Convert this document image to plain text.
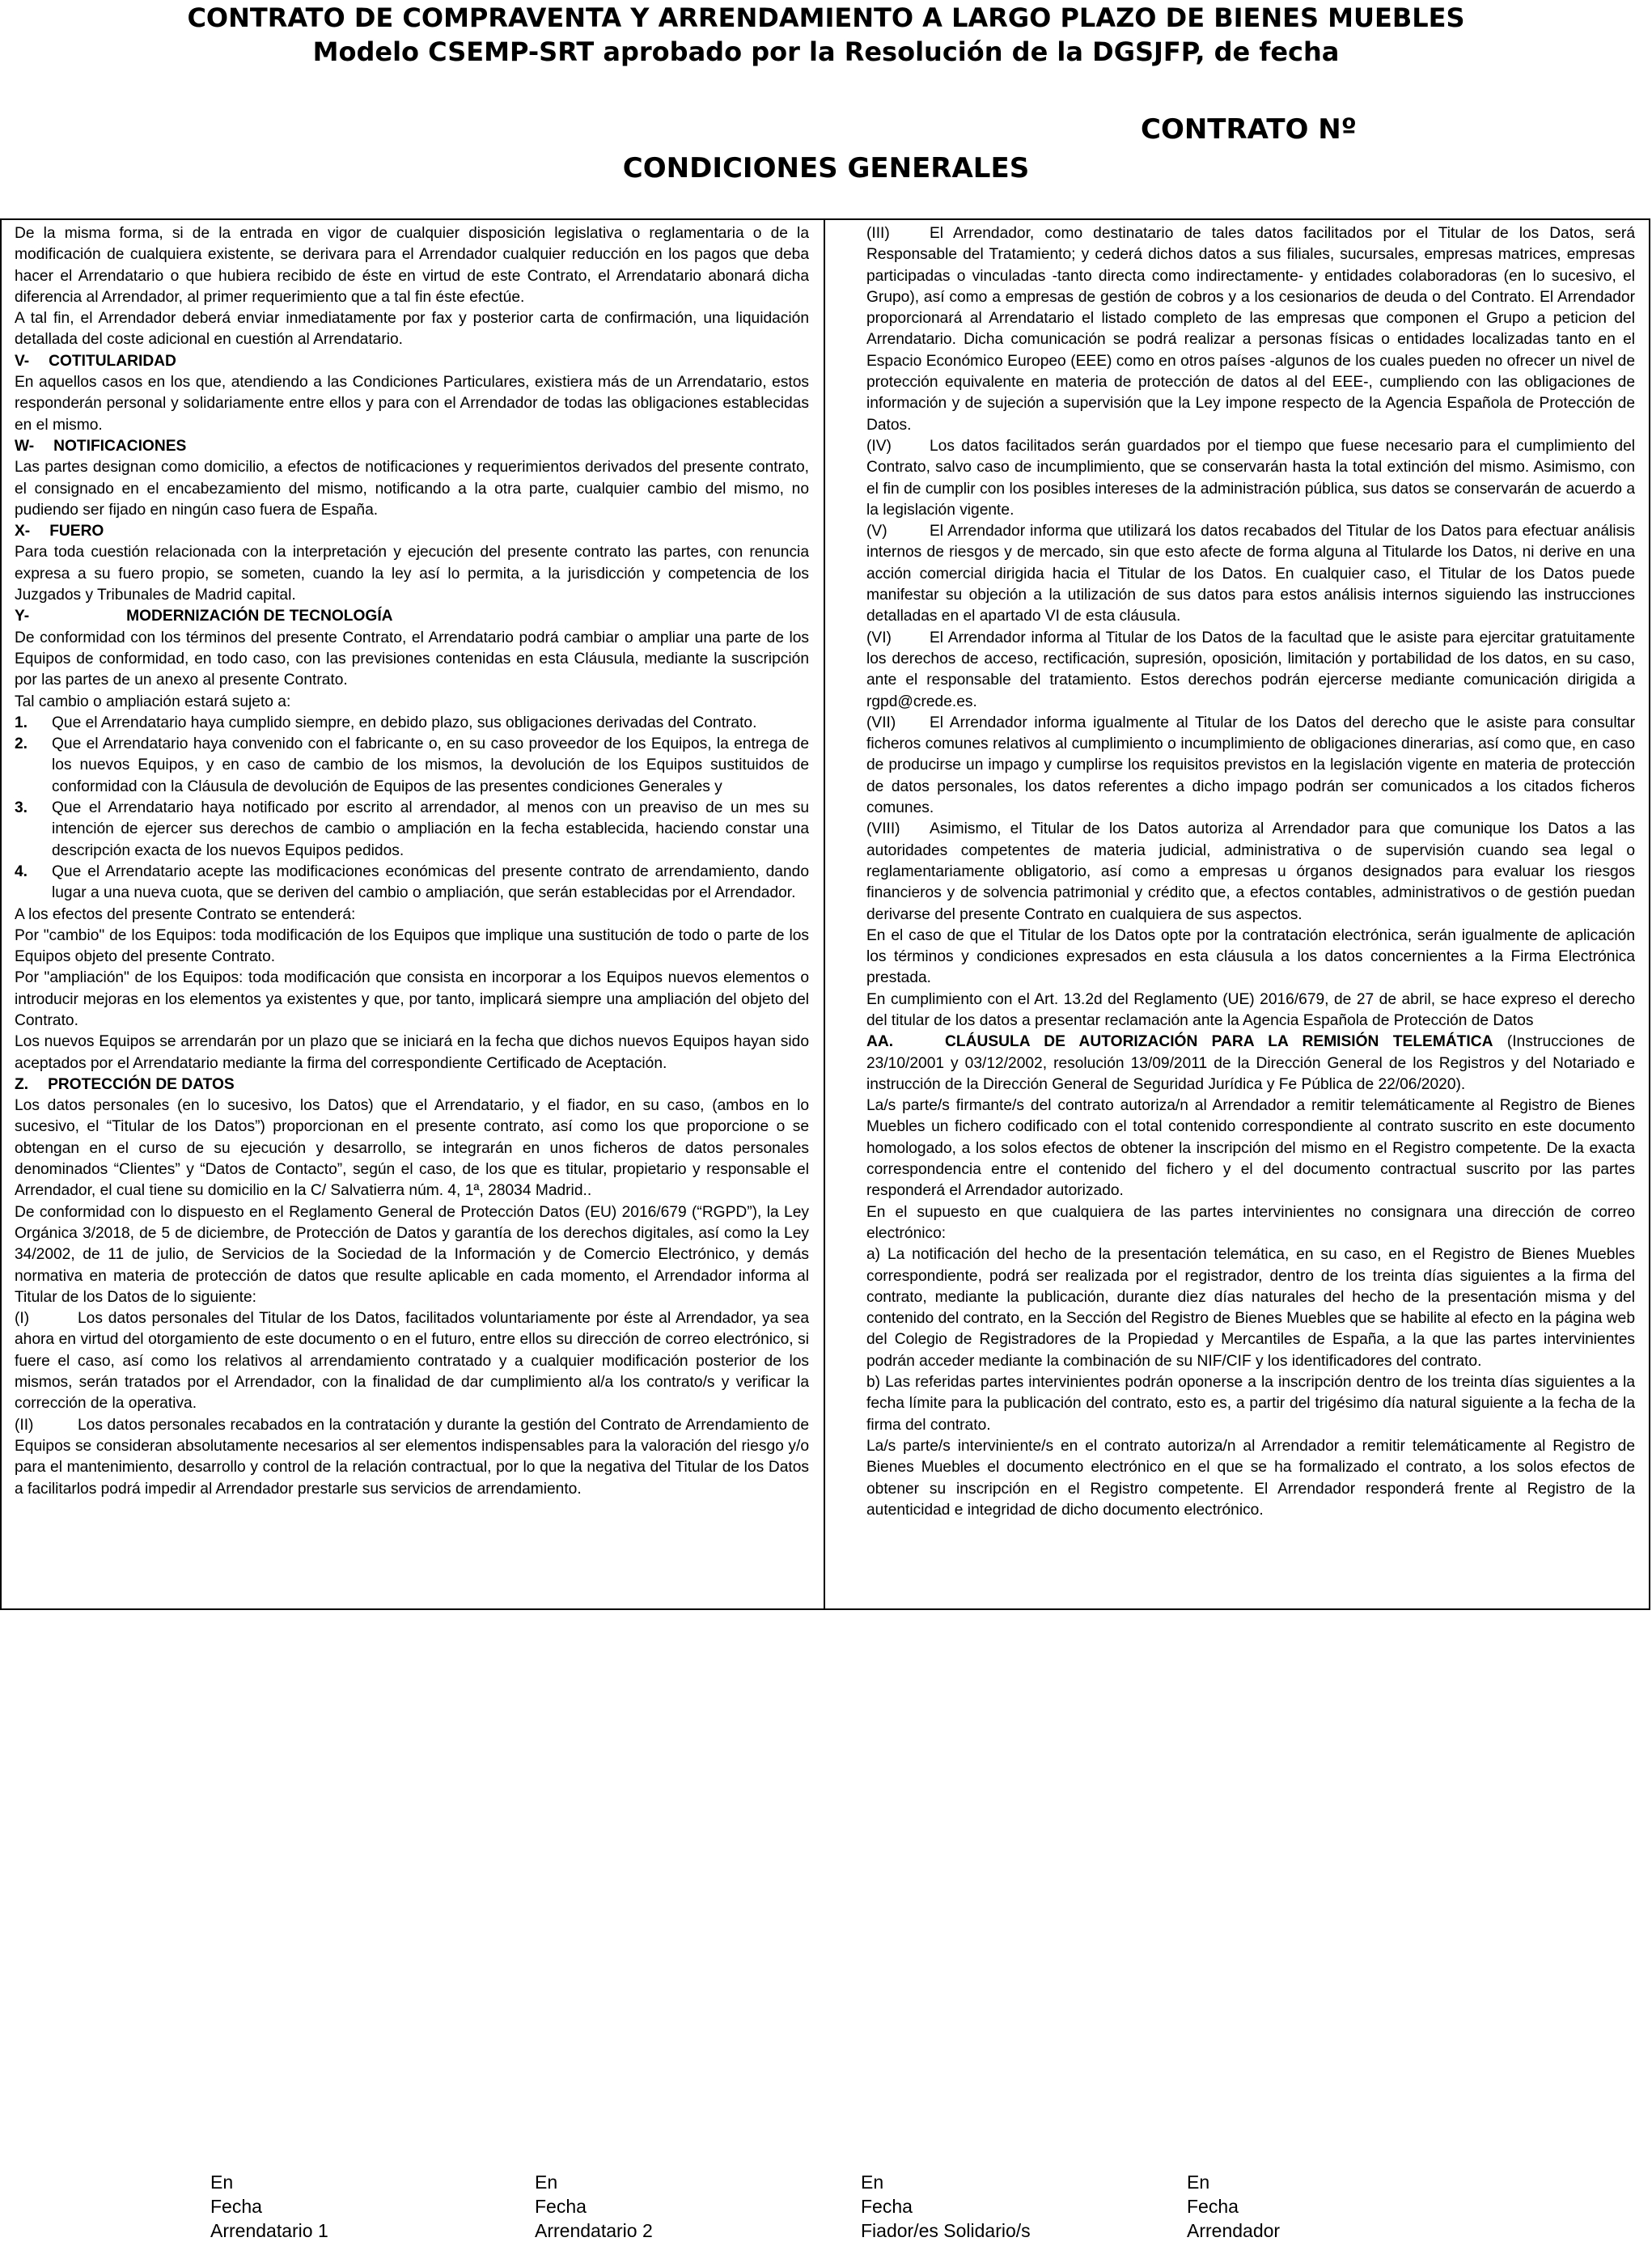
CONTRATO DE COMPRAVENTA Y ARRENDAMIENTO A LARGO PLAZO DE BIENES MUEBLES
Modelo CSEMP-SRT aprobado por la Resolución de la DGSJFP, de fecha
CONTRATO Nº
CONDICIONES GENERALES

De la misma forma, si de la entrada en vigor de cualquier disposición legislativa o reglamentaria o de la modificación de cualquiera existente, se derivara para el Arrendador cualquier reducción en los pagos que deba hacer el Arrendatario o que hubiera recibido de éste en virtud de este Contrato, el Arrendatario abonará dicha diferencia al Arrendador, al primer requerimiento que a tal fin éste efectúe.

A tal fin, el Arrendador deberá enviar inmediatamente por fax y posterior carta de confirmación, una liquidación detallada del coste adicional en cuestión al Arrendatario.

V- COTITULARIDAD

En aquellos casos en los que, atendiendo a las Condiciones Particulares, existiera más de un Arrendatario, estos responderán personal y solidariamente entre ellos y para con el Arrendador de todas las obligaciones establecidas en el mismo.

W- NOTIFICACIONES

Las partes designan como domicilio, a efectos de notificaciones y requerimientos derivados del presente contrato, el consignado en el encabezamiento del mismo, notificando a la otra parte, cualquier cambio del mismo, no pudiendo ser fijado en ningún caso fuera de España.

X- FUERO

Para toda cuestión relacionada con la interpretación y ejecución del presente contrato las partes, con renuncia expresa a su fuero propio, se someten, cuando la ley así lo permita, a la jurisdicción y competencia de los Juzgados y Tribunales de Madrid capital.

Y-	MODERNIZACIÓN DE TECNOLOGÍA

De conformidad con los términos del presente Contrato, el Arrendatario podrá cambiar o ampliar una parte de los Equipos de conformidad, en todo caso, con las previsiones contenidas en esta Cláusula, mediante la suscripción por las partes de un anexo al presente Contrato.

Tal cambio o ampliación estará sujeto a:

1.	Que el Arrendatario haya cumplido siempre, en debido plazo, sus obligaciones derivadas del Contrato.
2.	Que el Arrendatario haya convenido con el fabricante o, en su caso proveedor de los Equipos, la entrega de los nuevos Equipos, y en caso de cambio de los mismos, la devolución de los Equipos sustituidos de conformidad con la Cláusula de devolución de Equipos de las presentes condiciones Generales y
3.	Que el Arrendatario haya notificado por escrito al arrendador, al menos con un preaviso de un mes su intención de ejercer sus derechos de cambio o ampliación en la fecha establecida, haciendo constar una descripción exacta de los nuevos Equipos pedidos.
4.	Que el Arrendatario acepte las modificaciones económicas del presente contrato de arrendamiento, dando lugar a una nueva cuota, que se deriven del cambio o ampliación, que serán establecidas por el Arrendador.

A los efectos del presente Contrato se entenderá:

Por "cambio" de los Equipos: toda modificación de los Equipos que implique una sustitución de todo o parte de los Equipos objeto del presente Contrato.

Por "ampliación" de los Equipos: toda modificación que consista en incorporar a los Equipos nuevos elementos o introducir mejoras en los elementos ya existentes y que, por tanto, implicará siempre una ampliación del objeto del Contrato.

Los nuevos Equipos se arrendarán por un plazo que se iniciará en la fecha que dichos nuevos Equipos hayan sido aceptados por el Arrendatario mediante la firma del correspondiente Certificado de Aceptación.

Z. PROTECCIÓN DE DATOS

Los datos personales (en lo sucesivo, los Datos) que el Arrendatario, y el fiador, en su caso, (ambos en lo sucesivo, el “Titular de los Datos”) proporcionan en el presente contrato, así como los que proporcione o se obtengan en el curso de su ejecución y desarrollo, se integrarán en unos ficheros de datos personales denominados “Clientes” y “Datos de Contacto”, según el caso, de los que es titular, propietario y responsable el Arrendador, el cual tiene su domicilio en la C/ Salvatierra núm. 4, 1ª, 28034 Madrid..

De conformidad con lo dispuesto en el Reglamento General de Protección Datos (EU) 2016/679 (“RGPD”), la Ley Orgánica 3/2018, de 5 de diciembre, de Protección de Datos y garantía de los derechos digitales, así como la Ley 34/2002, de 11 de julio, de Servicios de la Sociedad de la Información y de Comercio Electrónico, y demás normativa en materia de protección de datos que resulte aplicable en cada momento, el Arrendador informa al Titular de los Datos de lo siguiente:

(I)	Los datos personales del Titular de los Datos, facilitados voluntariamente por éste al Arrendador, ya sea ahora en virtud del otorgamiento de este documento o en el futuro, entre ellos su dirección de correo electrónico, si fuere el caso, así como los relativos al arrendamiento contratado y a cualquier modificación posterior de los mismos, serán tratados por el Arrendador, con la finalidad de dar cumplimiento al/a los contrato/s y verificar la corrección de la operativa.

(II)	Los datos personales recabados en la contratación y durante la gestión del Contrato de Arrendamiento de Equipos se consideran absolutamente necesarios al ser elementos indispensables para la valoración del riesgo y/o para el mantenimiento, desarrollo y control de la relación contractual, por lo que la negativa del Titular de los Datos a facilitarlos podrá impedir al Arrendador prestarle sus servicios de arrendamiento.

(III)	El Arrendador, como destinatario de tales datos facilitados por el Titular de los Datos, será Responsable del Tratamiento; y cederá dichos datos a sus filiales, sucursales, empresas matrices, empresas participadas o vinculadas -tanto directa como indirectamente- y entidades colaboradoras (en lo sucesivo, el Grupo), así como a empresas de gestión de cobros y a los cesionarios de deuda o del Contrato. El Arrendador proporcionará al Arrendatario el listado completo de las empresas que componen el Grupo a peticion del Arrendatario. Dicha comunicación se podrá realizar a personas físicas o entidades localizadas tanto en el Espacio Económico Europeo (EEE) como en otros países -algunos de los cuales pueden no ofrecer un nivel de protección equivalente en materia de protección de datos al del EEE-, cumpliendo con las obligaciones de información y de sujeción a supervisión que la Ley impone respecto de la Agencia Española de Protección de Datos.

(IV) Los datos facilitados serán guardados por el tiempo que fuese necesario para el cumplimiento del Contrato, salvo caso de incumplimiento, que se conservarán hasta la total extinción del mismo. Asimismo, con el fin de cumplir con los posibles intereses de la administración pública, sus datos se conservarán de acuerdo a la legislación vigente.

(V)	El Arrendador informa que utilizará los datos recabados del Titular de los Datos para efectuar análisis internos de riesgos y de mercado, sin que esto afecte de forma alguna al Titularde los Datos, ni derive en una acción comercial dirigida hacia el Titular de los Datos. En cualquier caso, el Titular de los Datos puede manifestar su objeción a la utilización de sus datos para estos análisis internos siguiendo las instrucciones detalladas en el apartado VI de esta cláusula.

(VI) El Arrendador informa al Titular de los Datos de la facultad que le asiste para ejercitar gratuitamente los derechos de acceso, rectificación, supresión, oposición, limitación y portabilidad de los datos, en su caso, ante el responsable del tratamiento. Estos derechos podrán ejercerse mediante comunicación dirigida a rgpd@crede.es.

(VII) El Arrendador informa igualmente al Titular de los Datos del derecho que le asiste para consultar ficheros comunes relativos al cumplimiento o incumplimiento de obligaciones dinerarias, así como que, en caso de producirse un impago y cumplirse los requisitos previstos en la legislación vigente en materia de protección de datos personales, los datos referentes a dicho impago podrán ser comunicados a los citados ficheros comunes.

(VIII) Asimismo, el Titular de los Datos autoriza al Arrendador para que comunique los Datos a las autoridades competentes de materia judicial, administrativa o de supervisión cuando sea legal o reglamentariamente obligatorio, así como a empresas u órganos designados para evaluar los riesgos financieros y de solvencia patrimonial y crédito que, a efectos contables, administrativos o de gestión puedan derivarse del presente Contrato en cualquiera de sus aspectos.

En el caso de que el Titular de los Datos opte por la contratación electrónica, serán igualmente de aplicación los términos y condiciones expresados en esta cláusula a los datos concernientes a la Firma Electrónica prestada.

En cumplimiento con el Art. 13.2d del Reglamento (UE) 2016/679, de 27 de abril, se hace expreso el derecho del titular de los datos a presentar reclamación ante la Agencia Española de Protección de Datos

AA.	CLÁUSULA DE AUTORIZACIÓN PARA LA REMISIÓN TELEMÁTICA (Instrucciones de 23/10/2001 y 03/12/2002, resolución 13/09/2011 de la Dirección General de los Registros y del Notariado e instrucción de la Dirección General de Seguridad Jurídica y Fe Pública de 22/06/2020).

La/s parte/s firmante/s del contrato autoriza/n al Arrendador a remitir telemáticamente al Registro de Bienes Muebles un fichero codificado con el total contenido correspondiente al contrato suscrito en este documento homologado, a los solos efectos de obtener la inscripción del mismo en el Registro competente. De la exacta correspondencia entre el contenido del fichero y el del documento contractual suscrito por las partes responderá el Arrendador autorizado.

En el supuesto en que cualquiera de las partes intervinientes no consignara una dirección de correo electrónico:

a) La notificación del hecho de la presentación telemática, en su caso, en el Registro de Bienes Muebles correspondiente, podrá ser realizada por el registrador, dentro de los treinta días siguientes a la firma del contrato, mediante la publicación, durante diez días naturales del hecho de la presentación misma y del contenido del contrato, en la Sección del Registro de Bienes Muebles que se habilite al efecto en la página web del Colegio de Registradores de la Propiedad y Mercantiles de España, a la que las partes intervinientes podrán acceder mediante la combinación de su NIF/CIF y los identificadores del contrato.

b) Las referidas partes intervinientes podrán oponerse a la inscripción dentro de los treinta días siguientes a la fecha límite para la publicación del contrato, esto es, a partir del trigésimo día natural siguiente a la fecha de la firma del contrato.

La/s parte/s interviniente/s en el contrato autoriza/n al Arrendador a remitir telemáticamente al Registro de Bienes Muebles el documento electrónico en el que se ha formalizado el contrato, a los solos efectos de obtener su inscripción en el Registro competente. El Arrendador responderá frente al Registro de la autenticidad e integridad de dicho documento electrónico.

En
Fecha
Arrendatario 1
En
Fecha
Arrendatario 2
En
Fecha
Fiador/es Solidario/s
En
Fecha
Arrendador
